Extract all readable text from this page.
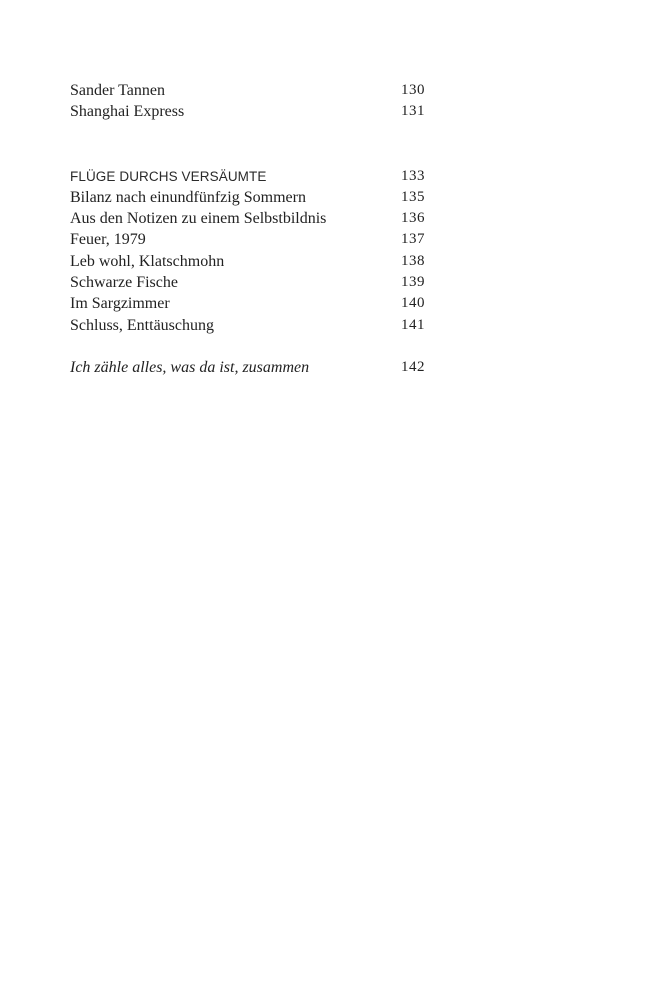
Sander Tannen	130
Shanghai Express	131
FLÜGE DURCHS VERSÄUMTE	133
Bilanz nach einundfünfzig Sommern	135
Aus den Notizen zu einem Selbstbildnis	136
Feuer, 1979	137
Leb wohl, Klatschmohn	138
Schwarze Fische	139
Im Sargzimmer	140
Schluss, Enttäuschung	141
Ich zähle alles, was da ist, zusammen	142
